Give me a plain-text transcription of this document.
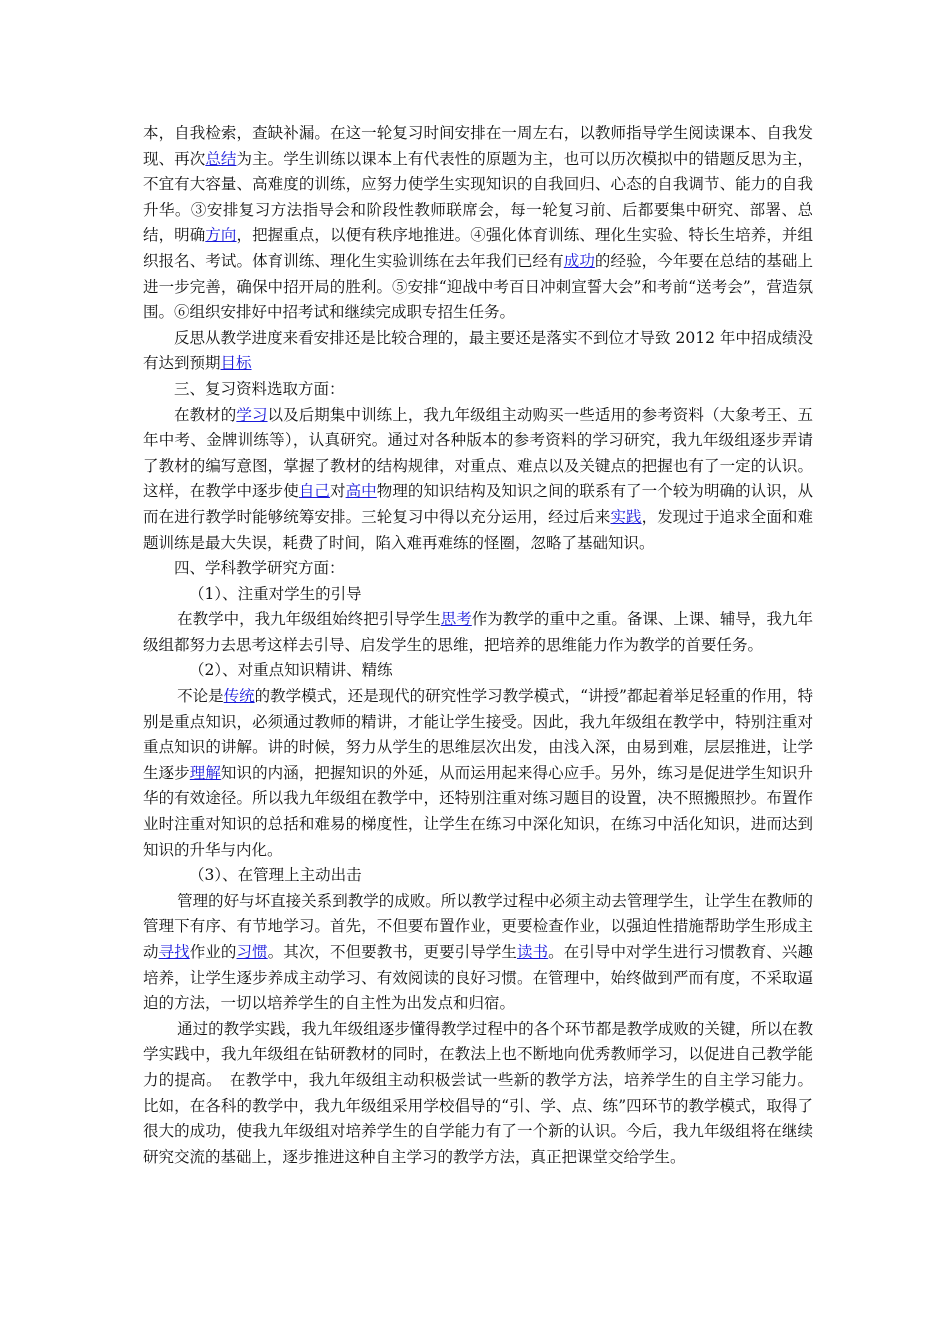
本，自我检索，查缺补漏。在这一轮复习时间安排在一周左右，以教师指导学生阅读课本、自我发现、再次总结为主。学生训练以课本上有代表性的原题为主，也可以历次模拟中的错题反思为主，不宜有大容量、高难度的训练，应努力使学生实现知识的自我回归、心态的自我调节、能力的自我升华。③安排复习方法指导会和阶段性教师联席会，每一轮复习前、后都要集中研究、部署、总结，明确方向，把握重点，以便有秩序地推进。④强化体育训练、理化生实验、特长生培养，并组织报名、考试。体育训练、理化生实验训练在去年我们已经有成功的经验，今年要在总结的基础上进一步完善，确保中招开局的胜利。⑤安排“迎战中考百日冲刺宣誓大会”和考前“送考会”，营造氛围。⑥组织安排好中招考试和继续完成职专招生任务。

反思从教学进度来看安排还是比较合理的，最主要还是落实不到位才导致 2012 年中招成绩没有达到预期目标

三、复习资料选取方面：

在教材的学习以及后期集中训练上，我九年级组主动购买一些适用的参考资料（大象考王、五年中考、金牌训练等），认真研究。通过对各种版本的参考资料的学习研究，我九年级组逐步弄请了教材的编写意图，掌握了教材的结构规律，对重点、难点以及关键点的把握也有了一定的认识。这样，在教学中逐步使自己对高中物理的知识结构及知识之间的联系有了一个较为明确的认识，从而在进行教学时能够统筹安排。三轮复习中得以充分运用，经过后来实践，发现过于追求全面和难题训练是最大失误，耗费了时间，陷入难再难练的怪圈，忽略了基础知识。

四、学科教学研究方面：

（1）、注重对学生的引导

在教学中，我九年级组始终把引导学生思考作为教学的重中之重。备课、上课、辅导，我九年级组都努力去思考这样去引导、启发学生的思维，把培养的思维能力作为教学的首要任务。

（2）、对重点知识精讲、精练

不论是传统的教学模式，还是现代的研究性学习教学模式，“讲授”都起着举足轻重的作用，特别是重点知识，必须通过教师的精讲，才能让学生接受。因此，我九年级组在教学中，特别注重对重点知识的讲解。讲的时候，努力从学生的思维层次出发，由浅入深，由易到难，层层推进，让学生逐步理解知识的内涵，把握知识的外延，从而运用起来得心应手。另外，练习是促进学生知识升华的有效途径。所以我九年级组在教学中，还特别注重对练习题目的设置，决不照搬照抄。布置作业时注重对知识的总括和难易的梯度性，让学生在练习中深化知识，在练习中活化知识，进而达到知识的升华与内化。

（3）、在管理上主动出击

管理的好与坏直接关系到教学的成败。所以教学过程中必须主动去管理学生，让学生在教师的管理下有序、有节地学习。首先，不但要布置作业，更要检查作业，以强迫性措施帮助学生形成主动寻找作业的习惯。其次，不但要教书，更要引导学生读书。在引导中对学生进行习惯教育、兴趣培养，让学生逐步养成主动学习、有效阅读的良好习惯。在管理中，始终做到严而有度，不采取逼迫的方法，一切以培养学生的自主性为出发点和归宿。

通过的教学实践，我九年级组逐步懂得教学过程中的各个环节都是教学成败的关键，所以在教学实践中，我九年级组在钻研教材的同时，在教法上也不断地向优秀教师学习，以促进自己教学能力的提高。　在教学中，我九年级组主动积极尝试一些新的教学方法，培养学生的自主学习能力。比如，在各科的教学中，我九年级组采用学校倡导的“引、学、点、练”四环节的教学模式，取得了很大的成功，使我九年级组对培养学生的自学能力有了一个新的认识。今后，我九年级组将在继续研究交流的基础上，逐步推进这种自主学习的教学方法，真正把课堂交给学生。
